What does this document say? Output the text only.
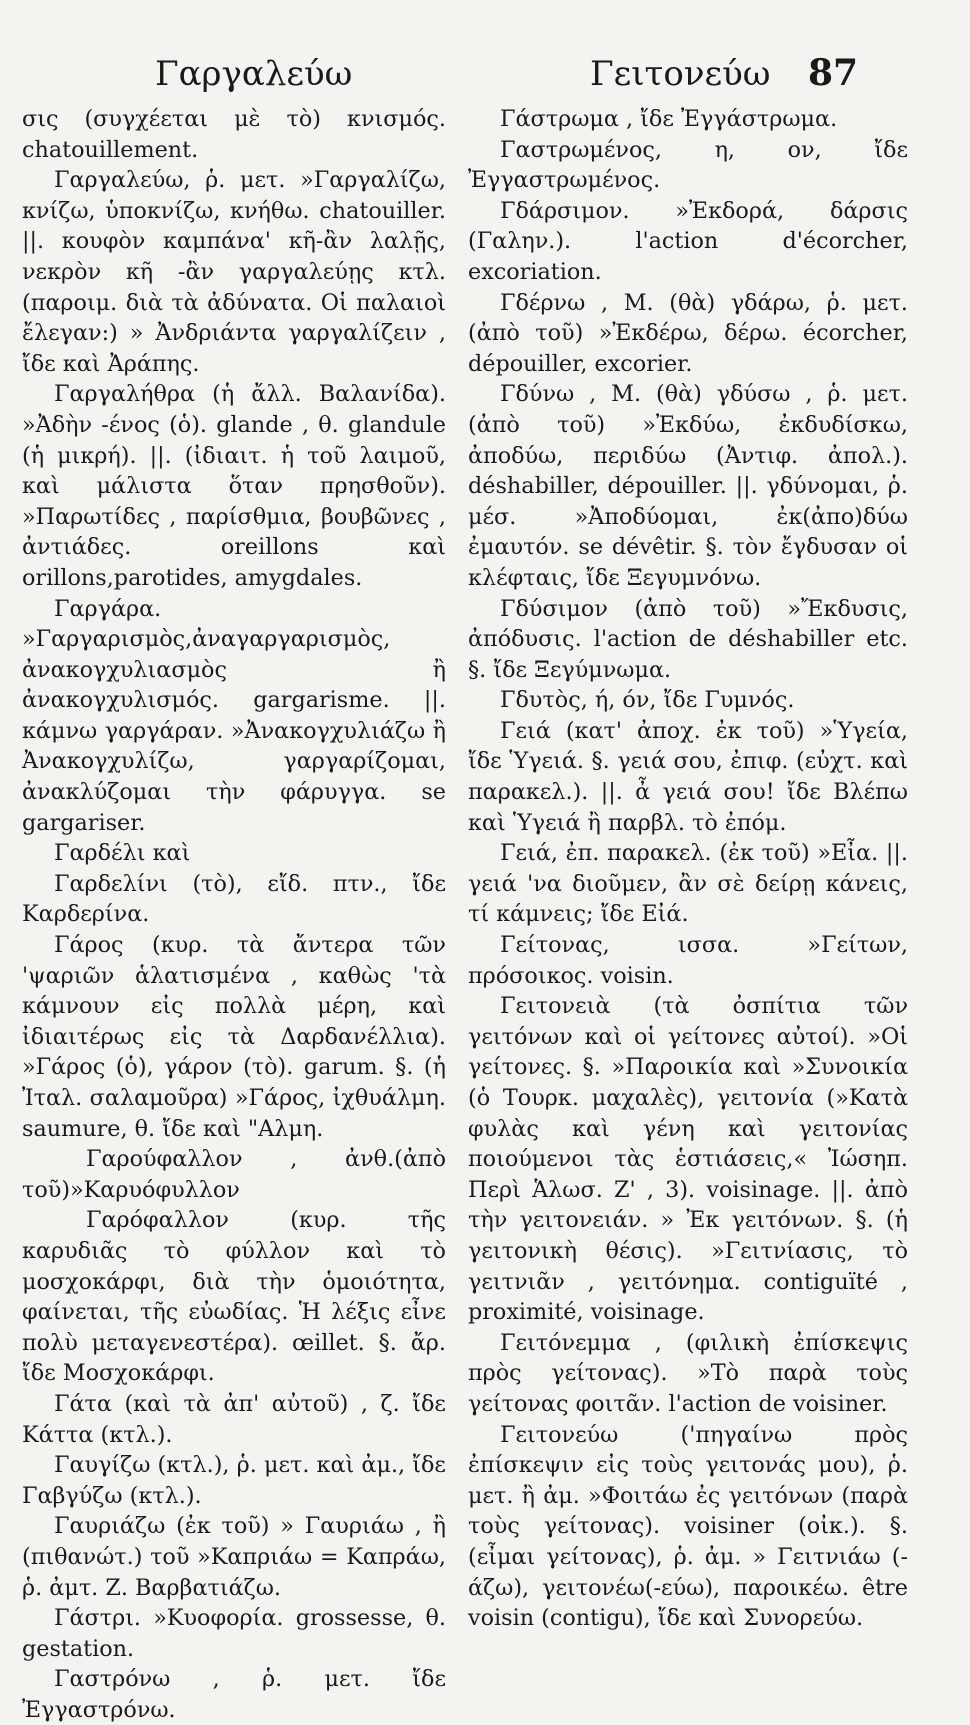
Γαργαλεύω	Γειτονεύω 87

σις (συγχέεται μὲ τὸ) κνισμός. chatouillement.

Γαργαλεύω, ῥ. μετ. »Γαργαλίζω, κνίζω, ὑποκνίζω, κνήθω. chatouiller. ||. κουφὸν καμπάνα' κῆ-ἂν λαλῇς, νεκρὸν κῆ -ἂν γαργαλεύῃς κτλ. (παροιμ. διὰ τὰ ἀδύνατα. Οἱ παλαιοὶ ἔλεγαν:) » Ἀνδριάντα γαργαλίζειν , ἴδε καὶ Ἀράπης.

Γαργαλήθρα (ἡ ἄλλ. Βαλανίδα). »Ἀδὴν -ένος (ὁ). glande , θ. glandule (ἡ μικρή). ||. (ἰδιαιτ. ἡ τοῦ λαιμοῦ, καὶ μάλιστα ὅταν πρησθοῦν). »Παρωτίδες , παρίσθμια, βουβῶνες , ἀντιάδες. oreillons καὶ orillons,parotides, amygdales.

Γαργάρα. »Γαργαρισμὸς,ἀναγαργαρισμὸς, ἀνακογχυλιασμὸς ἢ ἀνακογχυλισμός. gargarisme. ||. κάμνω γαργάραν. »Ἀνακογχυλιάζω ἢ Ἀνακογχυλίζω, γαργαρίζομαι, ἀνακλύζομαι τὴν φάρυγγα. se gargariser.

Γαρδέλι καὶ

Γαρδελίνι (τὸ), εἴδ. πτν., ἴδε Καρδερίνα.

Γάρος (κυρ. τὰ ἄντερα τῶν 'ψαριῶν ἁλατισμένα , καθὼς 'τὰ κάμνουν εἰς πολλὰ μέρη, καὶ ἰδιαιτέρως εἰς τὰ Δαρδανέλλια). »Γάρος (ὁ), γάρον (τὸ). garum. §. (ἡ Ἰταλ. σαλαμοῦρα) »Γάρος, ἰχθυάλμη. saumure, θ. ἴδε καὶ "Αλμη.

Γαρούφαλλον , ἀνθ.(ἀπὸ τοῦ)»Καρυόφυλλον

Γαρόφαλλον (κυρ. τῆς καρυδιᾶς τὸ φύλλον καὶ τὸ μοσχοκάρφι, διὰ τὴν ὁμοιότητα, φαίνεται, τῆς εὐωδίας. Ἡ λέξις εἶνε πολὺ μεταγενεστέρα). œillet. §. ἄρ. ἴδε Μοσχοκάρφι.

Γάτα (καὶ τὰ ἀπ' αὐτοῦ) , ζ. ἴδε Κάττα (κτλ.).

Γαυγίζω (κτλ.), ῥ. μετ. καὶ ἀμ., ἴδε Γαβγύζω (κτλ.).

Γαυριάζω (ἐκ τοῦ) » Γαυριάω , ἢ (πιθανώτ.) τοῦ »Καπριάω = Καπράω, ῥ. ἀμτ. Ζ. Βαρβατιάζω.

Γάστρι. »Κυοφορία. grossesse, θ. gestation.

Γαστρόνω , ῥ. μετ. ἴδε Ἐγγαστρόνω.

Γάστρωμα , ἴδε Ἐγγάστρωμα.

Γαστρωμένος, η, ον, ἴδε Ἐγγαστρωμένος.

Γδάρσιμον. »Ἐκδορά, δάρσις (Γαλην.). l'action d'écorcher, excoriation.

Γδέρνω , Μ. (θὰ) γδάρω, ῥ. μετ. (ἀπὸ τοῦ) »Ἐκδέρω, δέρω. écorcher, dépouiller, excorier.

Γδύνω , Μ. (θὰ) γδύσω , ῥ. μετ. (ἀπὸ τοῦ) »Ἐκδύω, ἐκδυδίσκω, ἀποδύω, περιδύω (Ἀντιφ. ἀπολ.). déshabiller, dépouiller. ||. γδύνομαι, ῥ. μέσ. »Ἀποδύομαι, ἐκ(ἀπο)δύω ἐμαυτόν. se dévêtir. §. τὸν ἔγδυσαν οἱ κλέφταις, ἴδε Ξεγυμνόνω.

Γδύσιμον (ἀπὸ τοῦ) »Ἔκδυσις, ἀπόδυσις. l'action de déshabiller etc. §. ἴδε Ξεγύμνωμα.

Γδυτὸς, ή, όν, ἴδε Γυμνός.

Γειά (κατ' ἀποχ. ἐκ τοῦ) »Ὑγεία, ἴδε Ὑγειά. §. γειά σου, ἐπιφ. (εὐχτ. καὶ παρακελ.). ||. ἆ γειά σου! ἴδε Βλέπω καὶ Ὑγειά ἢ παρβλ. τὸ ἐπόμ.

Γειά, ἐπ. παρακελ. (ἐκ τοῦ) »Εἶα. ||. γειά 'να διοῦμεν, ἂν σὲ δείρῃ κάνεις, τί κάμνεις; ἴδε Εἰά.

Γείτονας, ισσα. »Γείτων, πρόσοικος. voisin.

Γειτονειὰ (τὰ ὀσπίτια τῶν γειτόνων καὶ οἱ γείτονες αὐτοί). »Οἱ γείτονες. §. »Παροικία καὶ »Συνοικία (ὁ Τουρκ. μαχαλὲς), γειτονία (»Κατὰ φυλὰς καὶ γένη καὶ γειτονίας ποιούμενοι τὰς ἑστιάσεις,« Ἰώσηπ. Περὶ Ἁλωσ. Ζ' , 3). voisinage. ||. ἀπὸ τὴν γειτονειάν. » Ἐκ γειτόνων. §. (ἡ γειτονικὴ θέσις). »Γειτνίασις, τὸ γειτνιᾶν , γειτόνημα. contiguïté , proximité, voisinage.

Γειτόνεμμα , (φιλικὴ ἐπίσκεψις πρὸς γείτονας). »Τὸ παρὰ τοὺς γείτονας φοιτᾶν. l'action de voisiner.

Γειτονεύω ('πηγαίνω πρὸς ἐπίσκεψιν εἰς τοὺς γειτονάς μου), ῥ. μετ. ἢ ἀμ. »Φοιτάω ἐς γειτόνων (παρὰ τοὺς γείτονας). voisiner (οἰκ.). §. (εἶμαι γείτονας), ῥ. ἀμ. » Γειτνιάω (-άζω), γειτονέω(-εύω), παροικέω. être voisin (contigu), ἴδε καὶ Συνορεύω.
